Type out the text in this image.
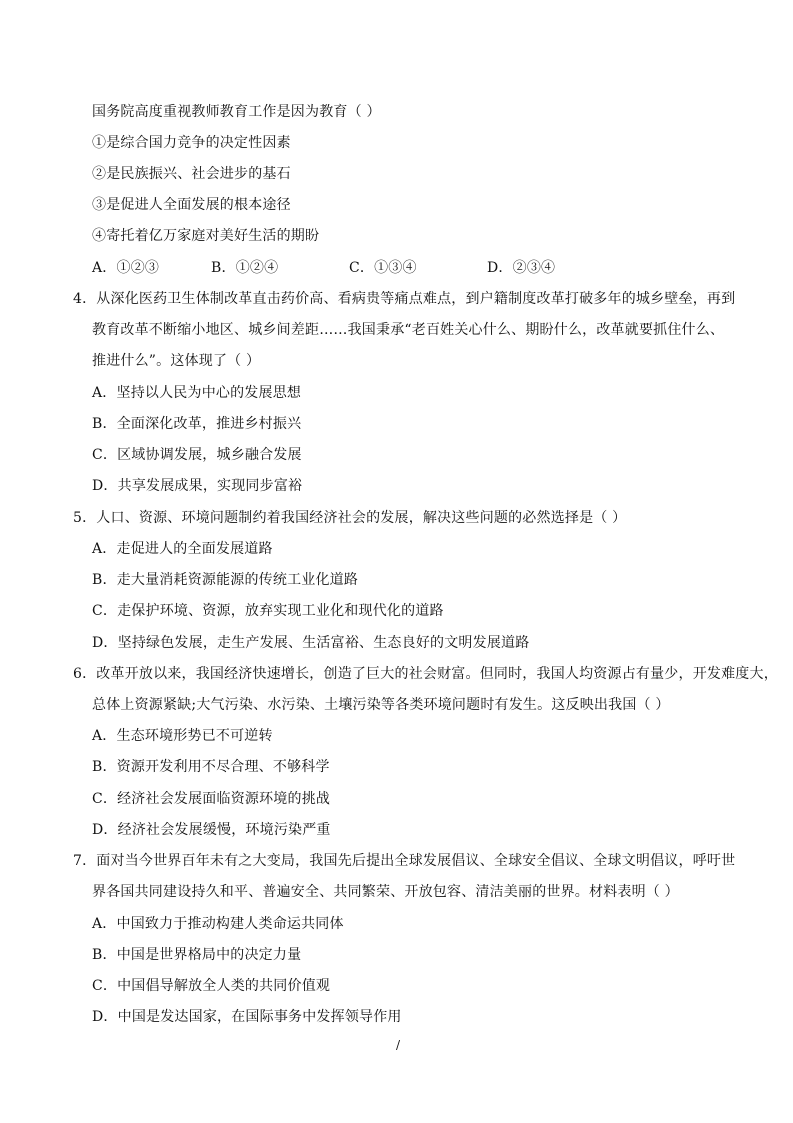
国务院高度重视教师教育工作是因为教育（ ）
①是综合国力竞争的决定性因素
②是民族振兴、社会进步的基石
③是促进人全面发展的根本途径
④寄托着亿万家庭对美好生活的期盼
A．①②③	B．①②④	C．①③④	D．②③④
4．从深化医药卫生体制改革直击药价高、看病贵等痛点难点，到户籍制度改革打破多年的城乡壁垒，再到
教育改革不断缩小地区、城乡间差距……我国秉承“老百姓关心什么、期盼什么，改革就要抓住什么、
推进什么”。这体现了（ ）
A．坚持以人民为中心的发展思想
B．全面深化改革，推进乡村振兴
C．区域协调发展，城乡融合发展
D．共享发展成果，实现同步富裕
5．人口、资源、环境问题制约着我国经济社会的发展，解决这些问题的必然选择是（ ）
A．走促进人的全面发展道路
B．走大量消耗资源能源的传统工业化道路
C．走保护环境、资源，放弃实现工业化和现代化的道路
D．坚持绿色发展，走生产发展、生活富裕、生态良好的文明发展道路
6．改革开放以来，我国经济快速增长，创造了巨大的社会财富。但同时，我国人均资源占有量少，开发难度大，
总体上资源紧缺;大气污染、水污染、土壤污染等各类环境问题时有发生。这反映出我国（ ）
A．生态环境形势已不可逆转
B．资源开发利用不尽合理、不够科学
C．经济社会发展面临资源环境的挑战
D．经济社会发展缓慢，环境污染严重
7．面对当今世界百年未有之大变局，我国先后提出全球发展倡议、全球安全倡议、全球文明倡议，呼吁世
界各国共同建设持久和平、普遍安全、共同繁荣、开放包容、清洁美丽的世界。材料表明（ ）
A．中国致力于推动构建人类命运共同体
B．中国是世界格局中的决定力量
C．中国倡导解放全人类的共同价值观
D．中国是发达国家，在国际事务中发挥领导作用
/
